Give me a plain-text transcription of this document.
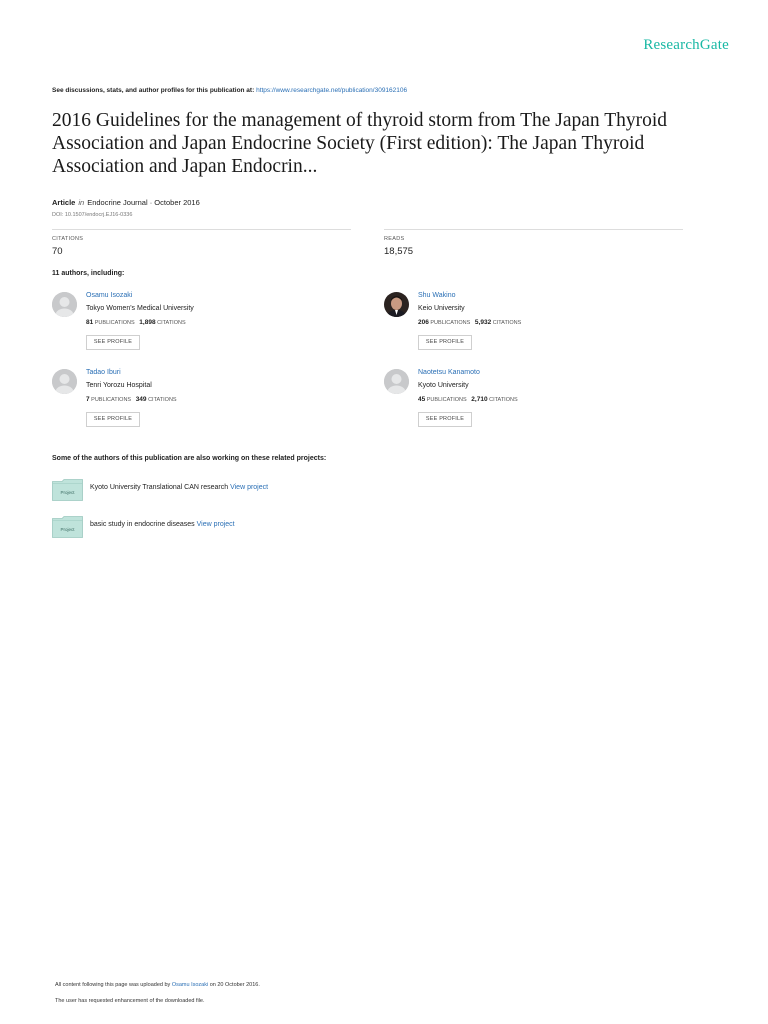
ResearchGate
See discussions, stats, and author profiles for this publication at: https://www.researchgate.net/publication/309162106
2016 Guidelines for the management of thyroid storm from The Japan Thyroid Association and Japan Endocrine Society (First edition): The Japan Thyroid Association and Japan Endocrin...
Article in Endocrine Journal · October 2016
DOI: 10.1507/endocrj.EJ16-0336
CITATIONS
70
READS
18,575
11 authors, including:
Osamu Isozaki
Tokyo Women's Medical University
81 PUBLICATIONS 1,898 CITATIONS
SEE PROFILE
Shu Wakino
Keio University
206 PUBLICATIONS 5,932 CITATIONS
SEE PROFILE
Tadao Iburi
Tenri Yorozu Hospital
7 PUBLICATIONS 349 CITATIONS
SEE PROFILE
Naotetsu Kanamoto
Kyoto University
45 PUBLICATIONS 2,710 CITATIONS
SEE PROFILE
Some of the authors of this publication are also working on these related projects:
Project
Kyoto University Translational CAN research View project
Project
basic study in endocrine diseases View project
All content following this page was uploaded by Osamu Isozaki on 20 October 2016.
The user has requested enhancement of the downloaded file.
